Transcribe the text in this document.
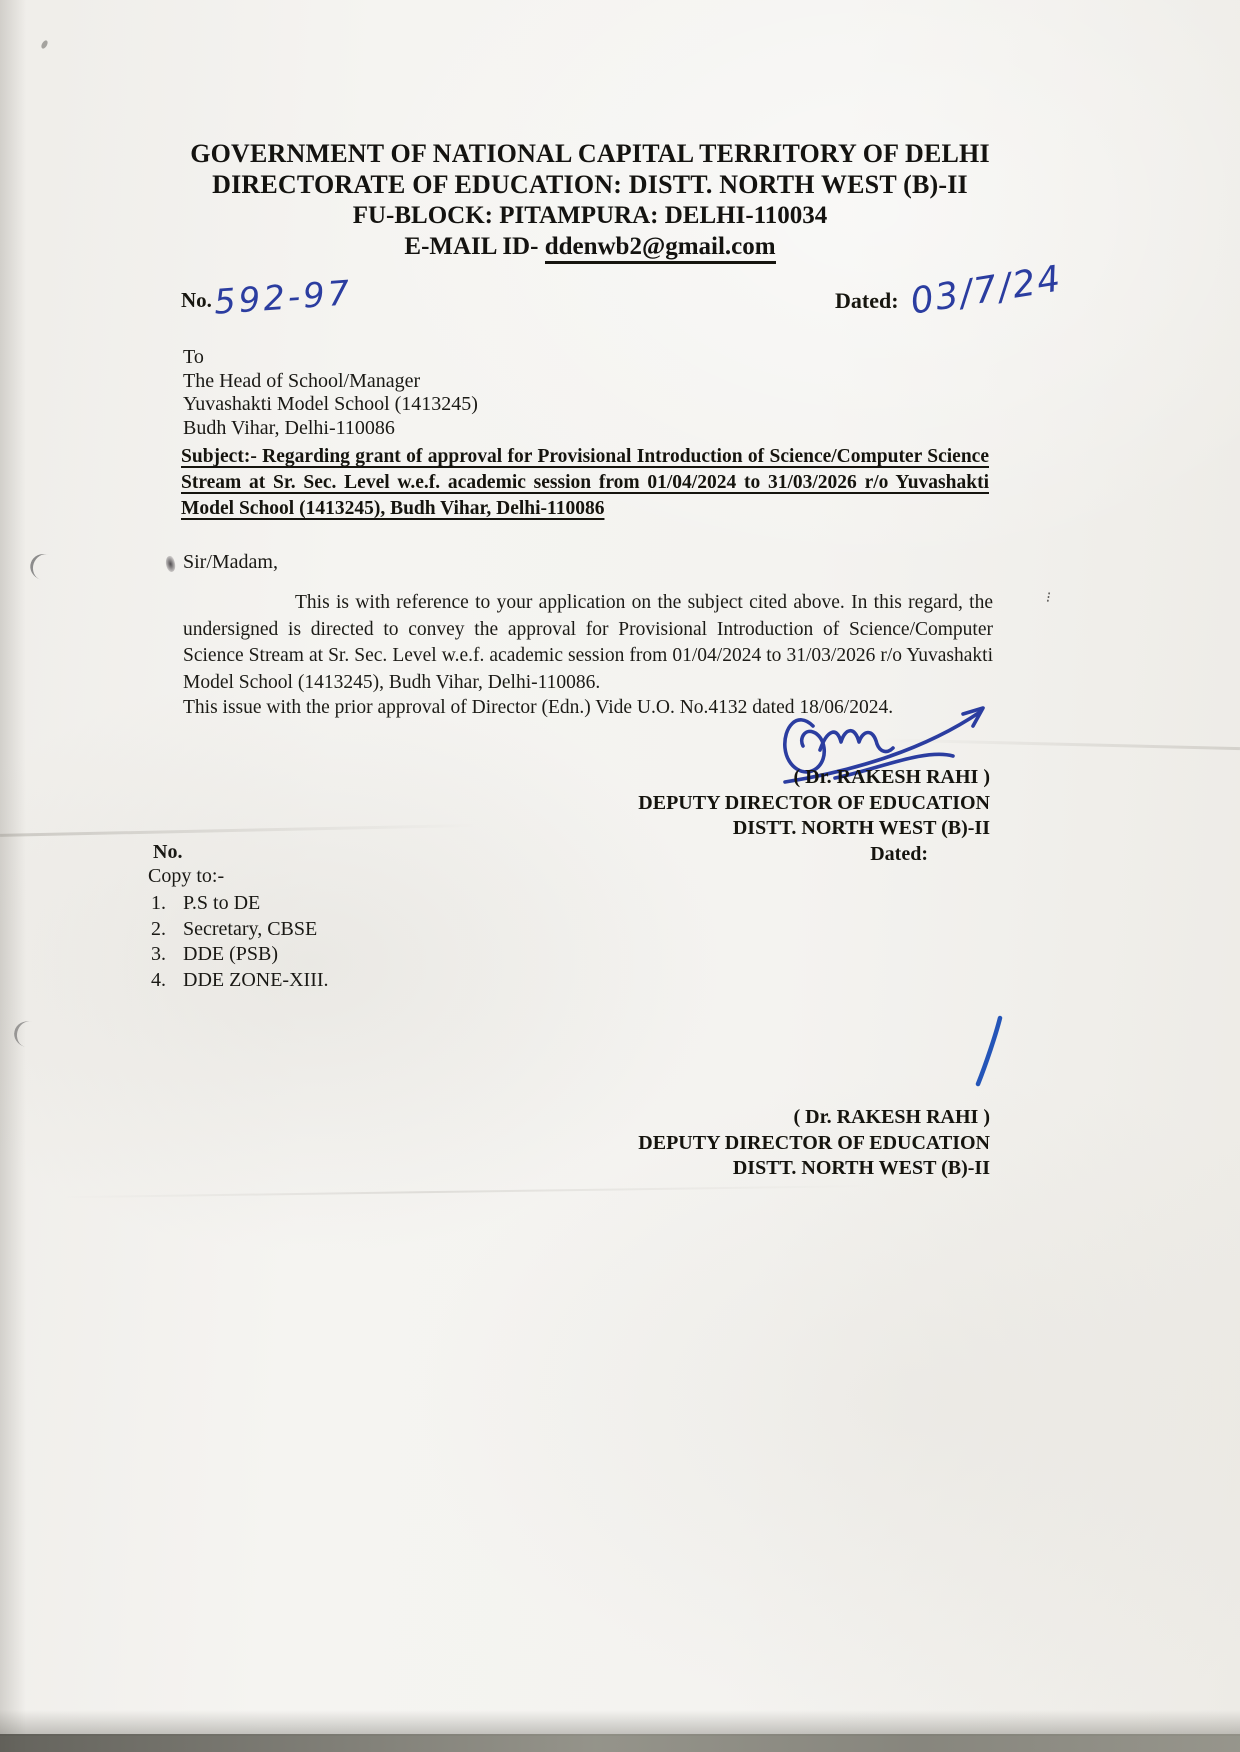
⁝
GOVERNMENT OF NATIONAL CAPITAL TERRITORY OF DELHI
DIRECTORATE OF EDUCATION: DISTT. NORTH WEST (B)-II
FU-BLOCK: PITAMPURA: DELHI-110034
E-MAIL ID- ddenwb2@gmail.com
No. 592-97	Dated: 03/7/24
To
The Head of School/Manager
Yuvashakti Model School (1413245)
Budh Vihar, Delhi-110086
Subject:- Regarding grant of approval for Provisional Introduction of Science/Computer Science Stream at Sr. Sec. Level w.e.f. academic session from 01/04/2024 to 31/03/2026 r/o Yuvashakti Model School (1413245), Budh Vihar, Delhi-110086
Sir/Madam,
This is with reference to your application on the subject cited above. In this regard, the undersigned is directed to convey the approval for Provisional Introduction of Science/Computer Science Stream at Sr. Sec. Level w.e.f. academic session from 01/04/2024 to 31/03/2026 r/o Yuvashakti Model School (1413245), Budh Vihar, Delhi-110086.
This issue with the prior approval of Director (Edn.) Vide U.O. No.4132 dated 18/06/2024.
( Dr. RAKESH RAHI )
DEPUTY DIRECTOR OF EDUCATION
DISTT. NORTH WEST (B)-II
Dated:
No.
Copy to:-
1. P.S to DE
2. Secretary, CBSE
3. DDE (PSB)
4. DDE ZONE-XIII.
( Dr. RAKESH RAHI )
DEPUTY DIRECTOR OF EDUCATION
DISTT. NORTH WEST (B)-II
